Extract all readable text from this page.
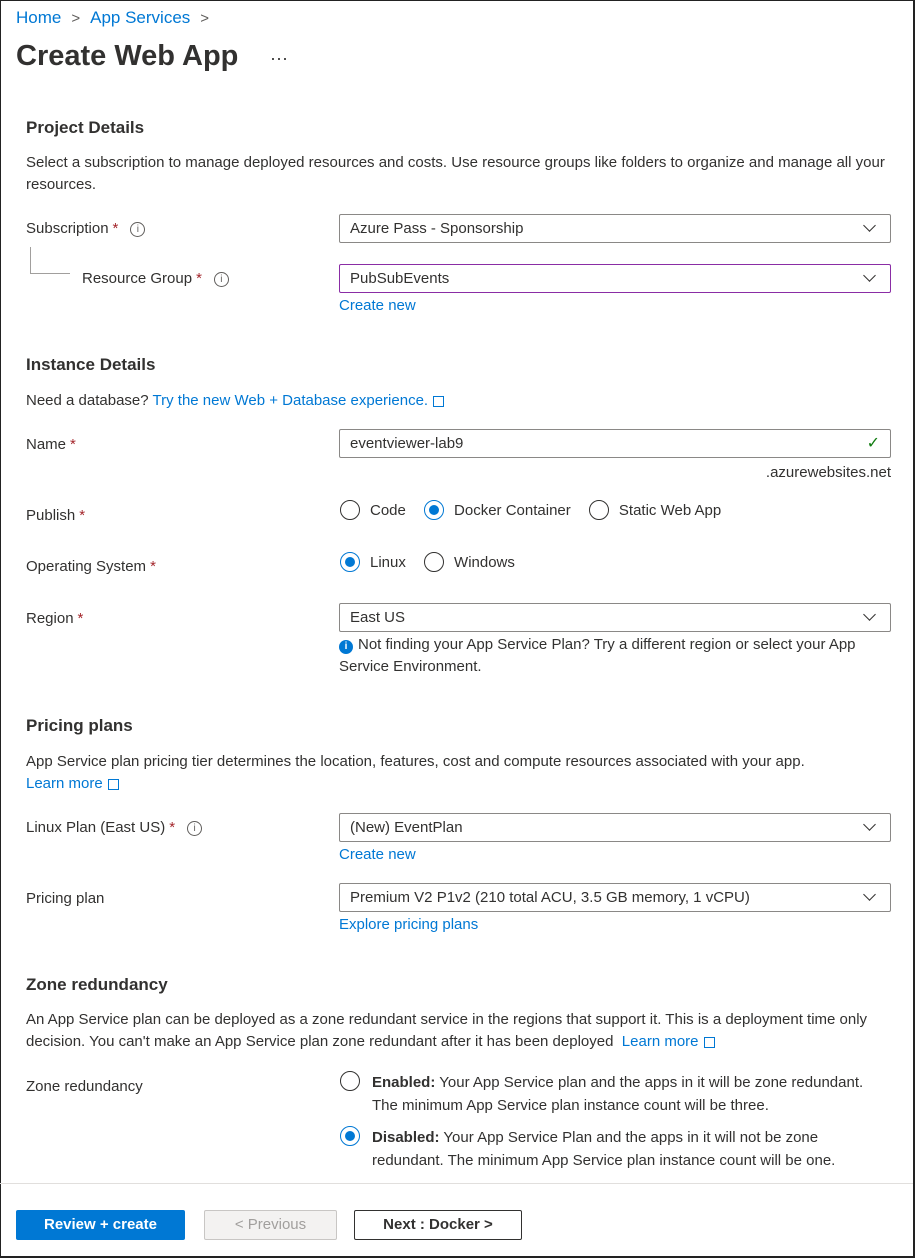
Home > App Services >
Create Web App ···
Project Details
Select a subscription to manage deployed resources and costs. Use resource groups like folders to organize and manage all your resources.
Subscription * i	Azure Pass - Sponsorship
Resource Group * i	PubSubEvents
Create new
Instance Details
Need a database? Try the new Web + Database experience.
Name *	eventviewer-lab9	✓
.azurewebsites.net
Publish *	Code
	Docker Container
	Static Web App
Operating System *	Linux
	Windows
Region *	East US
i Not finding your App Service Plan? Try a different region or select your App Service Environment.
Pricing plans
App Service plan pricing tier determines the location, features, cost and compute resources associated with your app.
Learn more
Linux Plan (East US) * i	(New) EventPlan
Create new
Pricing plan	Premium V2 P1v2 (210 total ACU, 3.5 GB memory, 1 vCPU)
Explore pricing plans
Zone redundancy
An App Service plan can be deployed as a zone redundant service in the regions that support it. This is a deployment time only decision. You can't make an App Service plan zone redundant after it has been deployed Learn more
Zone redundancy	Enabled: Your App Service plan and the apps in it will be zone redundant. The minimum App Service plan instance count will be three.
Disabled: Your App Service Plan and the apps in it will not be zone redundant. The minimum App Service plan instance count will be one.
Review + create	< Previous	Next : Docker >
